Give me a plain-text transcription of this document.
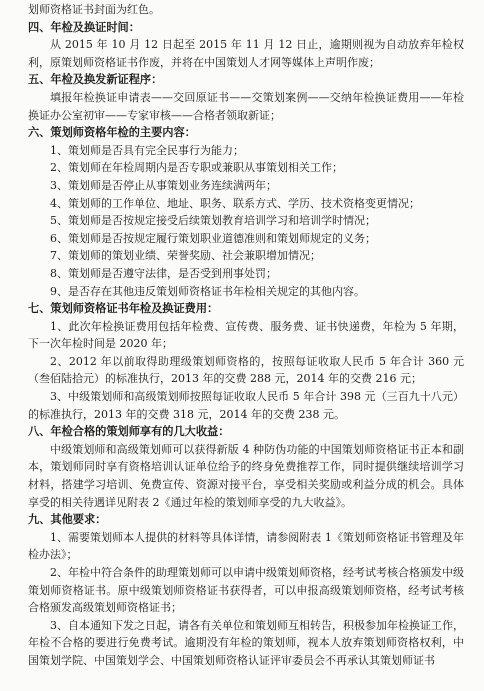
划师资格证书封面为红色。

四、年检及换证时间：

从 2015 年 10 月 12 日起至 2015 年 11 月 12 日止，逾期则视为自动放弃年检权利，原策划师资格证书作废，并将在中国策划人才网等媒体上声明作废；

五、年检及换发新证程序：

填报年检换证申请表——交回原证书——交策划案例——交纳年检换证费用——年检换证办公室初审——专家审核——合格者领取新证；

六、策划师资格年检的主要内容：

1、策划师是否具有完全民事行为能力；

2、策划师在年检周期内是否专职或兼职从事策划相关工作；

3、策划师是否停止从事策划业务连续满两年；

4、策划师的工作单位、地址、职务、联系方式、学历、技术资格变更情况；

5、策划师是否按规定接受后续策划教育培训学习和培训学时情况；

6、策划师是否按规定履行策划职业道德准则和策划师规定的义务；

7、策划师的策划业绩、荣誉奖励、社会兼职增加情况；

8、策划师是否遵守法律，是否受到刑事处罚；

9、是否存在其他违反策划师资格证书年检相关规定的其他内容。

七、策划师资格证书年检及换证费用：

1、此次年检换证费用包括年检费、宣传费、服务费、证书快递费，年检为 5 年期，下一次年检时间是 2020 年；

2、2012 年以前取得助理级策划师资格的，按照每证收取人民币 5 年合计 360 元（叁佰陆拾元）的标准执行，2013 年的交费 288 元，2014 年的交费 216 元；

3、中级策划师和高级策划师按照每证收取人民币 5 年合计 398 元（三百九十八元）的标准执行，2013 年的交费 318 元，2014 年的交费 238 元。

八、年检合格的策划师享有的几大收益：

中级策划师和高级策划师可以获得新版 4 种防伪功能的中国策划师资格证书正本和副本，策划师同时享有资格培训认证单位给予的终身免费推荐工作，同时提供继续培训学习材料，搭建学习培训、免费宣传、资源对接平台，享受相关奖励或利益分成的机会。具体享受的相关待遇详见附表 2《通过年检的策划师享受的九大收益》。

九、其他要求：

1、需要策划师本人提供的材料等具体详情，请参阅附表 1《策划师资格证书管理及年检办法》；

2、年检中符合条件的助理策划师可以申请中级策划师资格，经考试考核合格颁发中级策划师资格证书。原中级策划师资格证书获得者，可以申报高级策划师资格，经考试考核合格颁发高级策划师资格证书；

3、自本通知下发之日起，请各有关单位和策划师互相转告，积极参加年检换证工作，年检不合格的要进行免费考试。逾期没有年检的策划师，视本人放弃策划师资格权利，中国策划学院、中国策划学会、中国策划师资格认证评审委员会不再承认其策划师证书
